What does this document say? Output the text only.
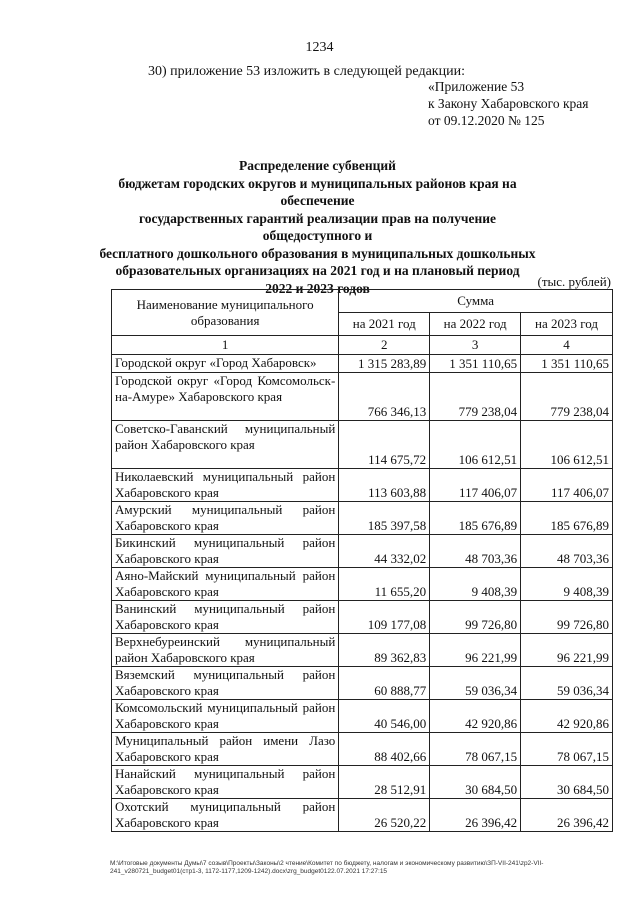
1234
30) приложение 53 изложить в следующей редакции:
«Приложение 53
к Закону Хабаровского края
от 09.12.2020 № 125
Распределение субвенций
бюджетам городских округов и муниципальных районов края на обеспечение
государственных гарантий реализации прав на получение общедоступного и
бесплатного дошкольного образования в муниципальных дошкольных
образовательных организациях на 2021 год и на плановый период
2022 и 2023 годов	(тыс. рублей)
Наименование муниципального образования	Сумма		
	на 2021 год	на 2022 год	на 2023 год
1	2	3	4
Городской округ «Город Хабаровск»	1 315 283,89	1 351 110,65	1 351 110,65
Городской округ «Город Комсомольск-на-Амуре» Хабаровского края	766 346,13	779 238,04	779 238,04
Советско-Гаванский муниципальный район Хабаровского края	114 675,72	106 612,51	106 612,51
Николаевский муниципальный район Хабаровского края	113 603,88	117 406,07	117 406,07
Амурский муниципальный район Хабаровского края	185 397,58	185 676,89	185 676,89
Бикинский муниципальный район Хабаровского края	44 332,02	48 703,36	48 703,36
Аяно-Майский муниципальный район Хабаровского края	11 655,20	9 408,39	9 408,39
Ванинский муниципальный район Хабаровского края	109 177,08	99 726,80	99 726,80
Верхнебуреинский муниципальный район Хабаровского края	89 362,83	96 221,99	96 221,99
Вяземский муниципальный район Хабаровского края	60 888,77	59 036,34	59 036,34
Комсомольский муниципальный район Хабаровского края	40 546,00	42 920,86	42 920,86
Муниципальный район имени Лазо Хабаровского края	88 402,66	78 067,15	78 067,15
Нанайский муниципальный район Хабаровского края	28 512,91	30 684,50	30 684,50
Охотский муниципальный район Хабаровского края	26 520,22	26 396,42	26 396,42
M:\Итоговые документы Думы\7 созыв\Проекты\Законы\2 чтение\Комитет по бюджету, налогам и экономическому развитию\ЗП-VII-241\zp2-VII-241_v280721_budget01(стр1-3, 1172-1177,1209-1242).docx\zrg_budget0122.07.2021 17:27:15
